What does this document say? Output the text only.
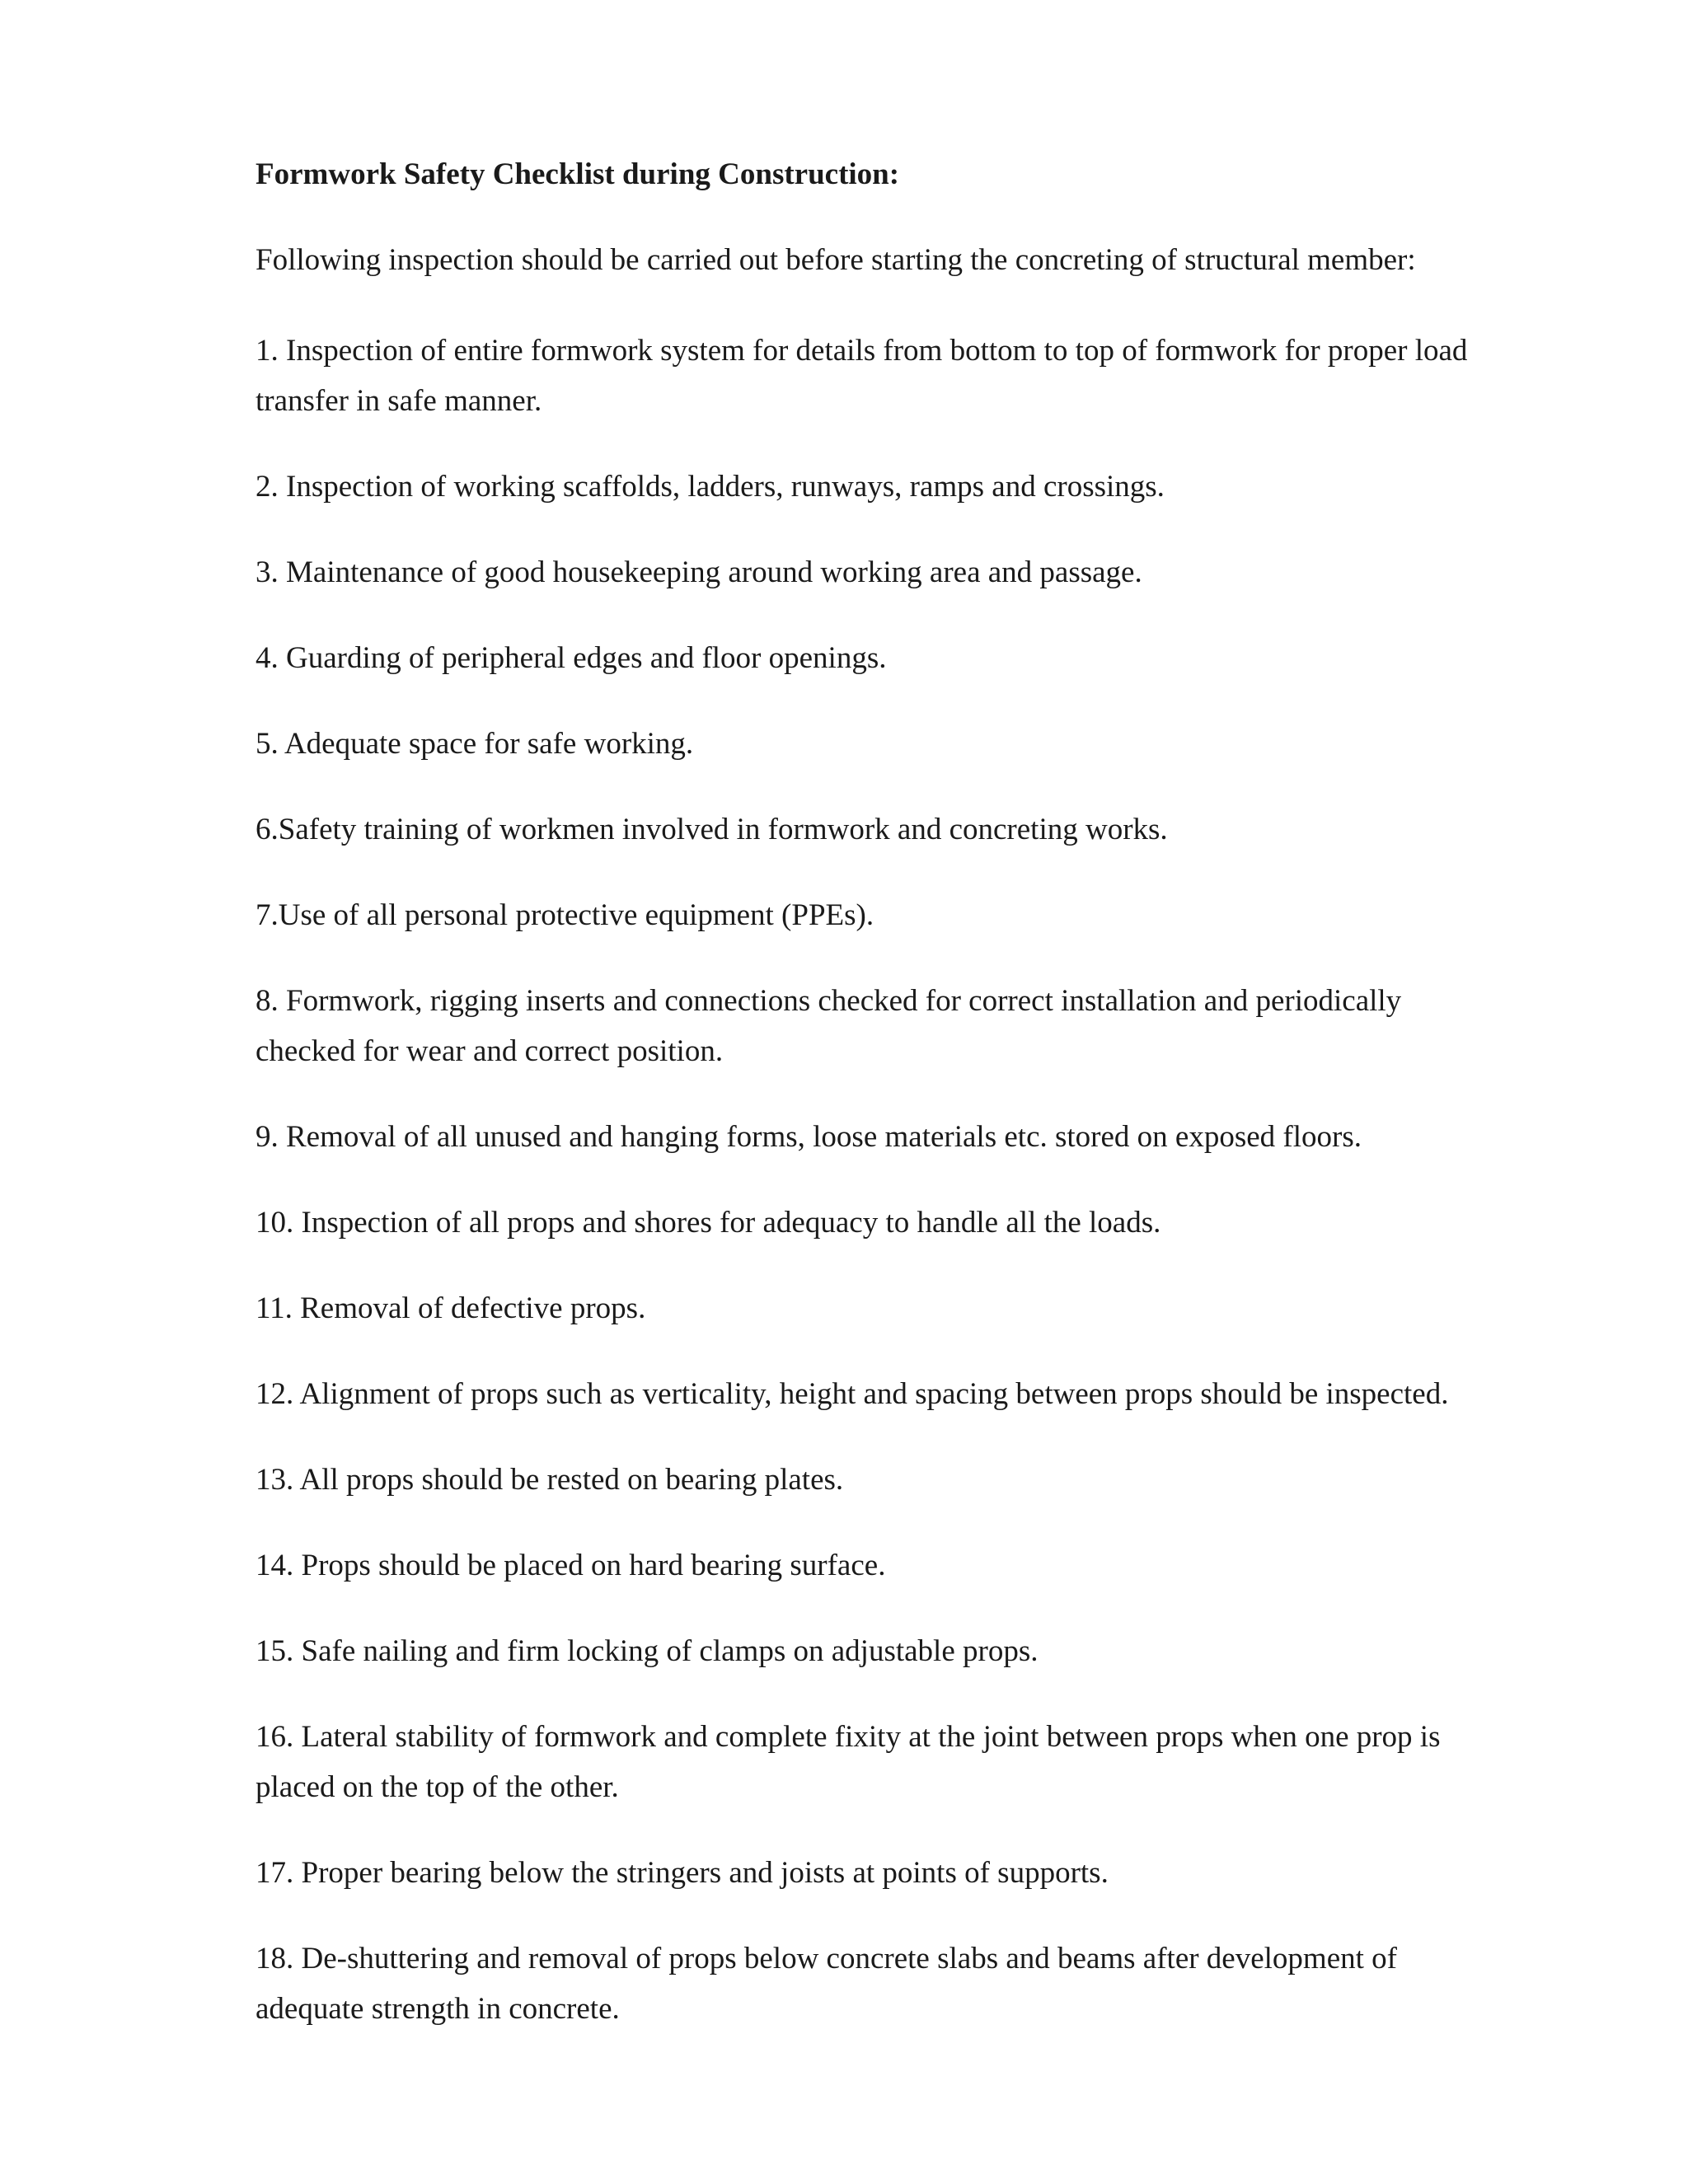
Formwork Safety Checklist during Construction:
Following inspection should be carried out before starting the concreting of structural member:
1. Inspection of entire formwork system for details from bottom to top of formwork for proper load transfer in safe manner.
2. Inspection of working scaffolds, ladders, runways, ramps and crossings.
3. Maintenance of good housekeeping around working area and passage.
4. Guarding of peripheral edges and floor openings.
5. Adequate space for safe working.
6.Safety training of workmen involved in formwork and concreting works.
7.Use of all personal protective equipment (PPEs).
8. Formwork, rigging inserts and connections checked for correct installation and periodically checked for wear and correct position.
9. Removal of all unused and hanging forms, loose materials etc. stored on exposed floors.
10. Inspection of all props and shores for adequacy to handle all the loads.
11. Removal of defective props.
12. Alignment of props such as verticality, height and spacing between props should be inspected.
13. All props should be rested on bearing plates.
14. Props should be placed on hard bearing surface.
15. Safe nailing and firm locking of clamps on adjustable props.
16. Lateral stability of formwork and complete fixity at the joint between props when one prop is placed on the top of the other.
17. Proper bearing below the stringers and joists at points of supports.
18. De-shuttering and removal of props below concrete slabs and beams after development of adequate strength in concrete.
